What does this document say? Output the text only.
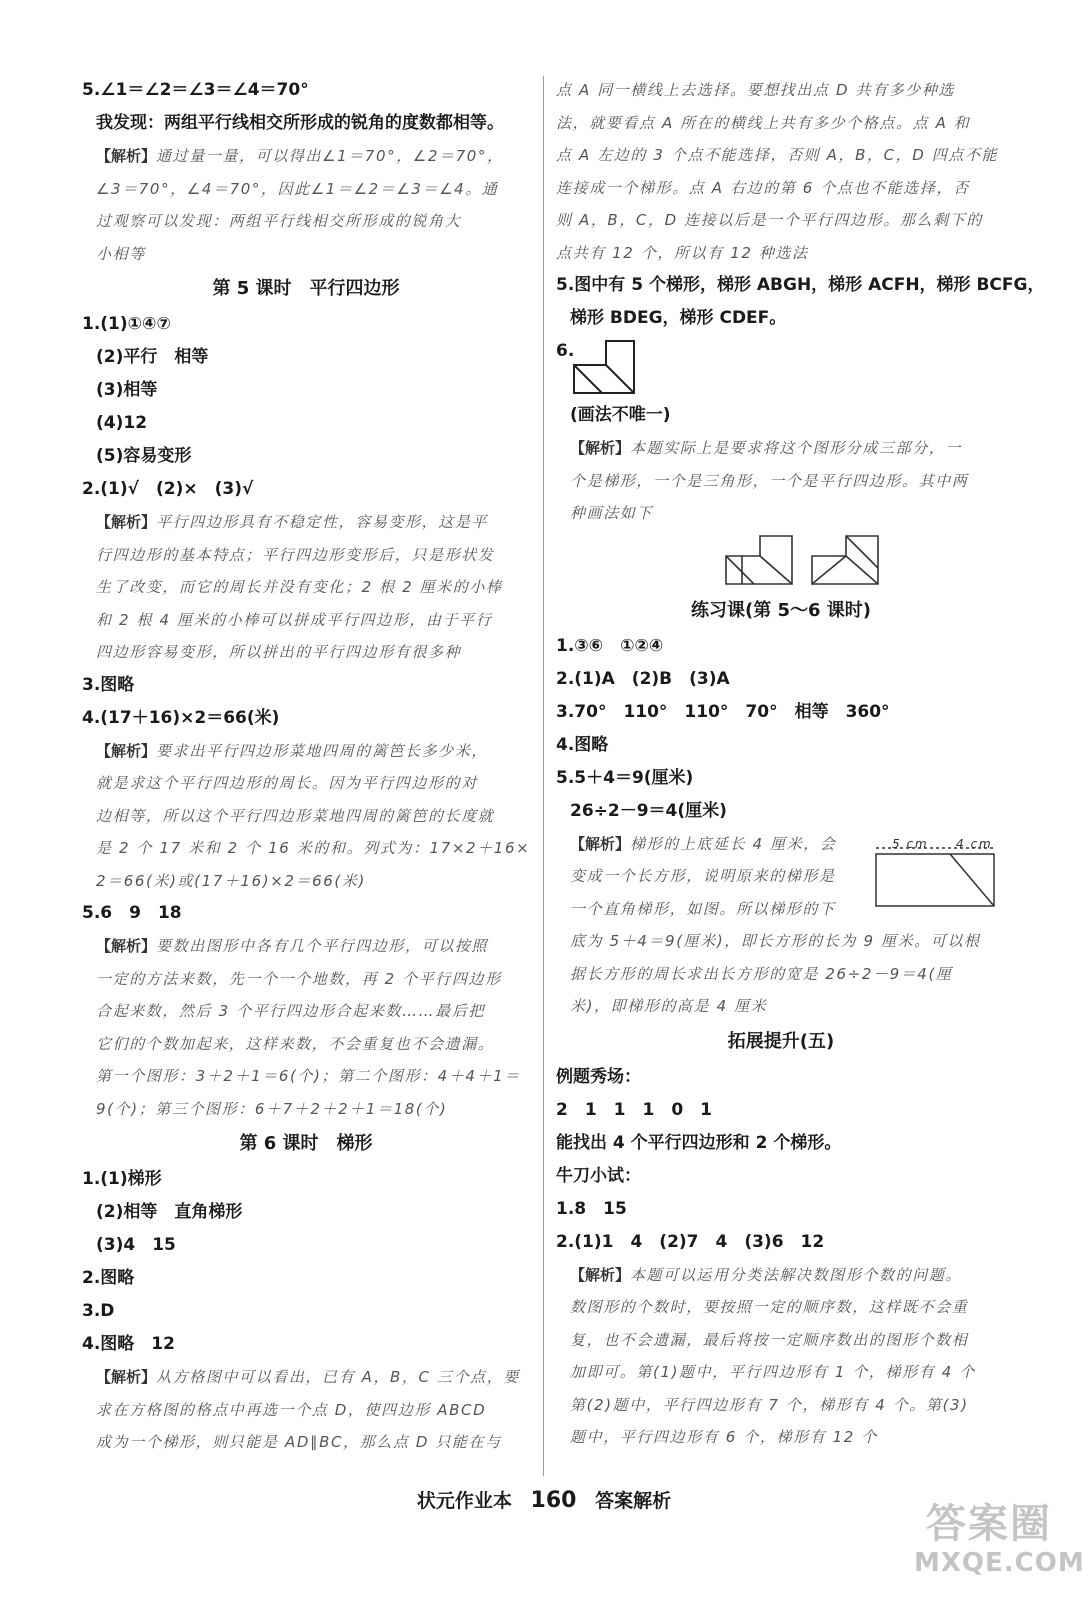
5.∠1＝∠2＝∠3＝∠4＝70°
我发现：两组平行线相交所形成的锐角的度数都相等。
【解析】通过量一量，可以得出∠1＝70°，∠2＝70°，
∠3＝70°，∠4＝70°，因此∠1＝∠2＝∠3＝∠4。通
过观察可以发现：两组平行线相交所形成的锐角大
小相等
第 5 课时　平行四边形
1.(1)①④⑦
(2)平行　相等
(3)相等
(4)12
(5)容易变形
2.(1)√　(2)×　(3)√
【解析】平行四边形具有不稳定性，容易变形，这是平
行四边形的基本特点；平行四边形变形后，只是形状发
生了改变，而它的周长并没有变化；2 根 2 厘米的小棒
和 2 根 4 厘米的小棒可以拼成平行四边形，由于平行
四边形容易变形，所以拼出的平行四边形有很多种
3.图略
4.(17＋16)×2＝66(米)
【解析】要求出平行四边形菜地四周的篱笆长多少米，
就是求这个平行四边形的周长。因为平行四边形的对
边相等，所以这个平行四边形菜地四周的篱笆的长度就
是 2 个 17 米和 2 个 16 米的和。列式为：17×2＋16×
2＝66(米)或(17＋16)×2＝66(米)
5.6　9　18
【解析】要数出图形中各有几个平行四边形，可以按照
一定的方法来数，先一个一个地数，再 2 个平行四边形
合起来数，然后 3 个平行四边形合起来数……最后把
它们的个数加起来，这样来数，不会重复也不会遗漏。
第一个图形：3＋2＋1＝6(个)；第二个图形：4＋4＋1＝
9(个)；第三个图形：6＋7＋2＋2＋1＝18(个)
第 6 课时　梯形
1.(1)梯形
(2)相等　直角梯形
(3)4　15
2.图略
3.D
4.图略　12
【解析】从方格图中可以看出，已有 A，B，C 三个点，要
求在方格图的格点中再选一个点 D，使四边形 ABCD
成为一个梯形，则只能是 AD∥BC，那么点 D 只能在与
点 A 同一横线上去选择。要想找出点 D 共有多少种选
法，就要看点 A 所在的横线上共有多少个格点。点 A 和
点 A 左边的 3 个点不能选择，否则 A，B，C，D 四点不能
连接成一个梯形。点 A 右边的第 6 个点也不能选择，否
则 A，B，C，D 连接以后是一个平行四边形。那么剩下的
点共有 12 个，所以有 12 种选法
5.图中有 5 个梯形，梯形 ABGH，梯形 ACFH，梯形 BCFG，
梯形 BDEG，梯形 CDEF。
6.
(画法不唯一)
【解析】本题实际上是要求将这个图形分成三部分，一
个是梯形，一个是三角形，一个是平行四边形。其中两
种画法如下
练习课(第 5～6 课时)
1.③⑥　①②④
2.(1)A　(2)B　(3)A
3.70°　110°　110°　70°　相等　360°
4.图略
5.5＋4＝9(厘米)
26÷2－9＝4(厘米)
5 cm 4 cm
【解析】梯形的上底延长 4 厘米，会
变成一个长方形，说明原来的梯形是
一个直角梯形，如图。所以梯形的下
底为 5＋4＝9(厘米)，即长方形的长为 9 厘米。可以根
据长方形的周长求出长方形的宽是 26÷2－9＝4(厘
米)，即梯形的高是 4 厘米
拓展提升(五)
例题秀场：
2　1　1　1　0　1
能找出 4 个平行四边形和 2 个梯形。
牛刀小试：
1.8　15
2.(1)1　4　(2)7　4　(3)6　12
【解析】本题可以运用分类法解决数图形个数的问题。
数图形的个数时，要按照一定的顺序数，这样既不会重
复，也不会遗漏，最后将按一定顺序数出的图形个数相
加即可。第(1)题中，平行四边形有 1 个，梯形有 4 个
第(2)题中，平行四边形有 7 个，梯形有 4 个。第(3)
题中，平行四边形有 6 个，梯形有 12 个
状元作业本 160 答案解析	答案圈
MXQE.COM
